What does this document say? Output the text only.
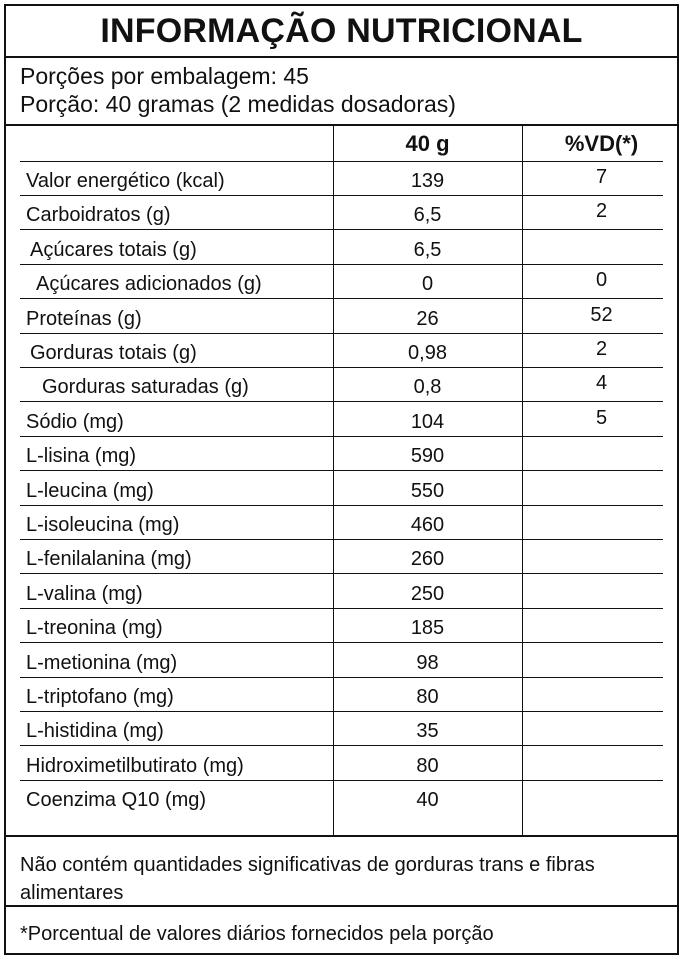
INFORMAÇÃO NUTRICIONAL
Porções por embalagem: 45
Porção: 40 gramas (2 medidas dosadoras)
40 g	%VD(*)
Valor energético (kcal)	139	7
Carboidratos (g)	6,5	2
Açúcares totais (g)	6,5
Açúcares adicionados (g)	0	0
Proteínas (g)	26	52
Gorduras totais (g)	0,98	2
Gorduras saturadas (g)	0,8	4
Sódio (mg)	104	5
L-lisina (mg)	590
L-leucina (mg)	550
L-isoleucina (mg)	460
L-fenilalanina (mg)	260
L-valina (mg)	250
L-treonina (mg)	185
L-metionina (mg)	98
L-triptofano (mg)	80
L-histidina (mg)	35
Hidroximetilbutirato (mg)	80
Coenzima Q10 (mg)	40
Não contém quantidades significativas de gorduras trans e fibras alimentares
*Porcentual de valores diários fornecidos pela porção
